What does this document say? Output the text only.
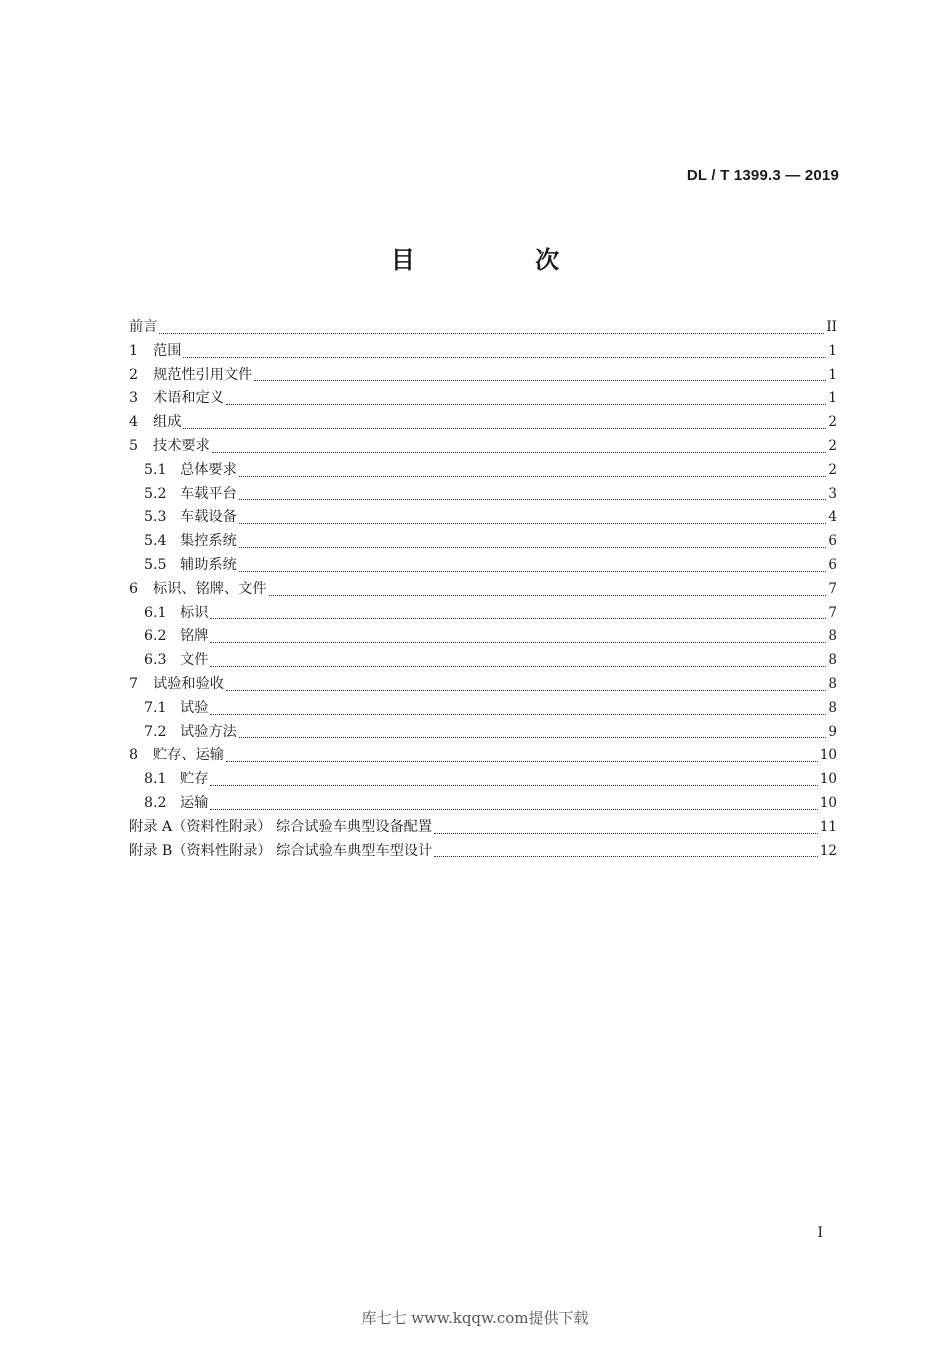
DL / T 1399.3 — 2019
目 次
前言	II
1	范围	1
2	规范性引用文件	1
3	术语和定义	1
4	组成	2
5	技术要求	2
5.1 总体要求	2
5.2 车载平台	3
5.3 车载设备	4
5.4 集控系统	6
5.5 辅助系统	6
6	标识、铭牌、文件	7
6.1 标识	7
6.2 铭牌	8
6.3 文件	8
7	试验和验收	8
7.1 试验	8
7.2 试验方法	9
8	贮存、运输	10
8.1 贮存	10
8.2 运输	10
附录 A（资料性附录） 综合试验车典型设备配置	11
附录 B（资料性附录） 综合试验车典型车型设计	12
I
库七七 www.kqqw.com提供下载
